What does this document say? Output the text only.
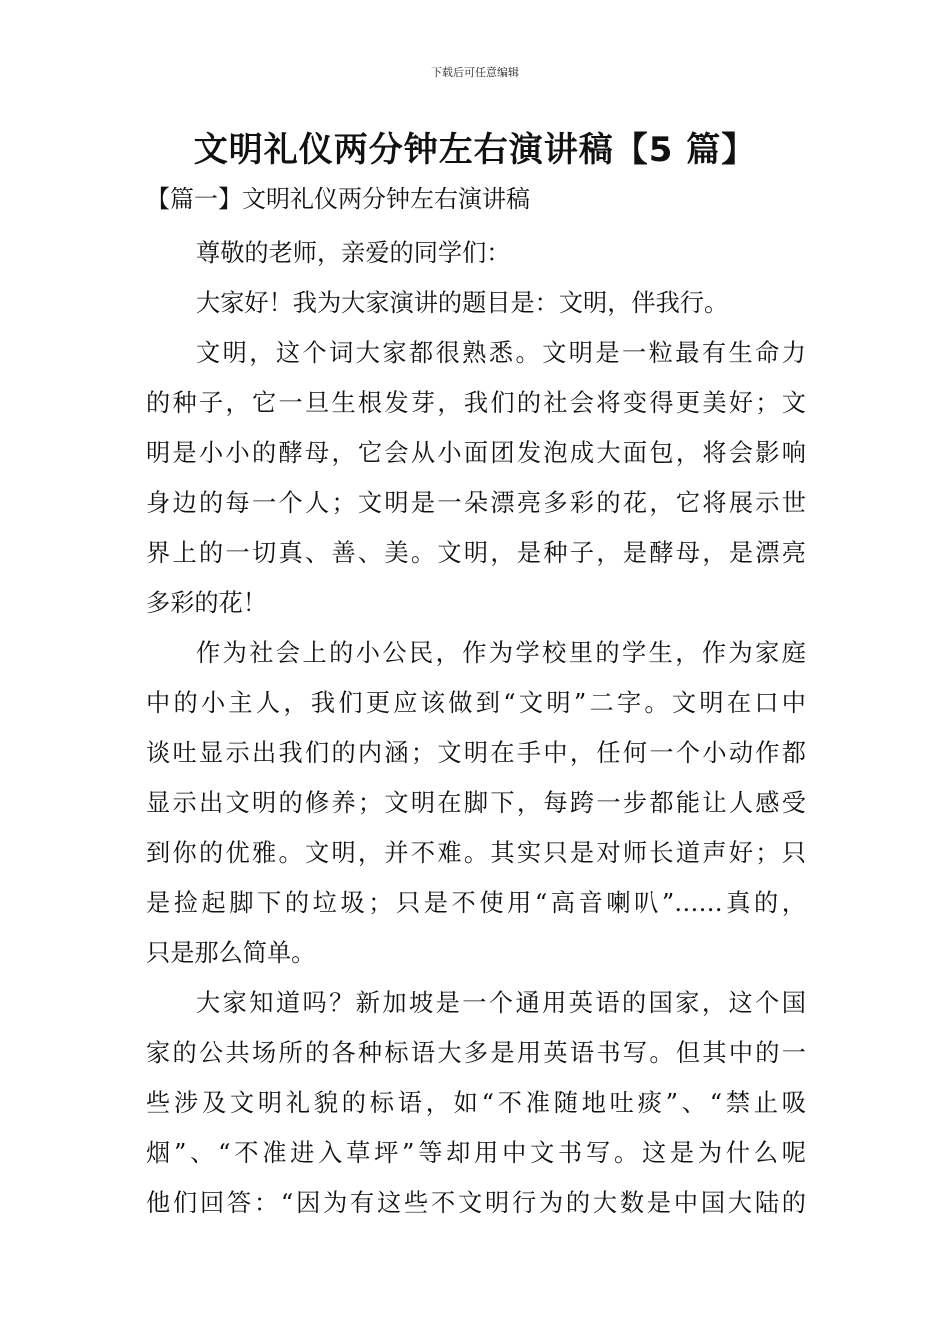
下载后可任意编辑
文明礼仪两分钟左右演讲稿【5 篇】
【篇一】文明礼仪两分钟左右演讲稿
尊敬的老师，亲爱的同学们：
大家好！我为大家演讲的题目是：文明，伴我行。
文明，这个词大家都很熟悉。文明是一粒最有生命力
的种子，它一旦生根发芽，我们的社会将变得更美好；文
明是小小的酵母，它会从小面团发泡成大面包，将会影响
身边的每一个人；文明是一朵漂亮多彩的花，它将展示世
界上的一切真、善、美。文明，是种子，是酵母，是漂亮
多彩的花！
作为社会上的小公民，作为学校里的学生，作为家庭
中的小主人，我们更应该做到“文明”二字。文明在口中
谈吐显示出我们的内涵；文明在手中，任何一个小动作都
显示出文明的修养；文明在脚下，每跨一步都能让人感受
到你的优雅。文明，并不难。其实只是对师长道声好；只
是捡起脚下的垃圾；只是不使用“高音喇叭”……真的，
只是那么简单。
大家知道吗？新加坡是一个通用英语的国家，这个国
家的公共场所的各种标语大多是用英语书写。但其中的一
些涉及文明礼貌的标语，如“不准随地吐痰”、“禁止吸
烟”、“不准进入草坪”等却用中文书写。这是为什么呢
他们回答：“因为有这些不文明行为的大数是中国大陆的
